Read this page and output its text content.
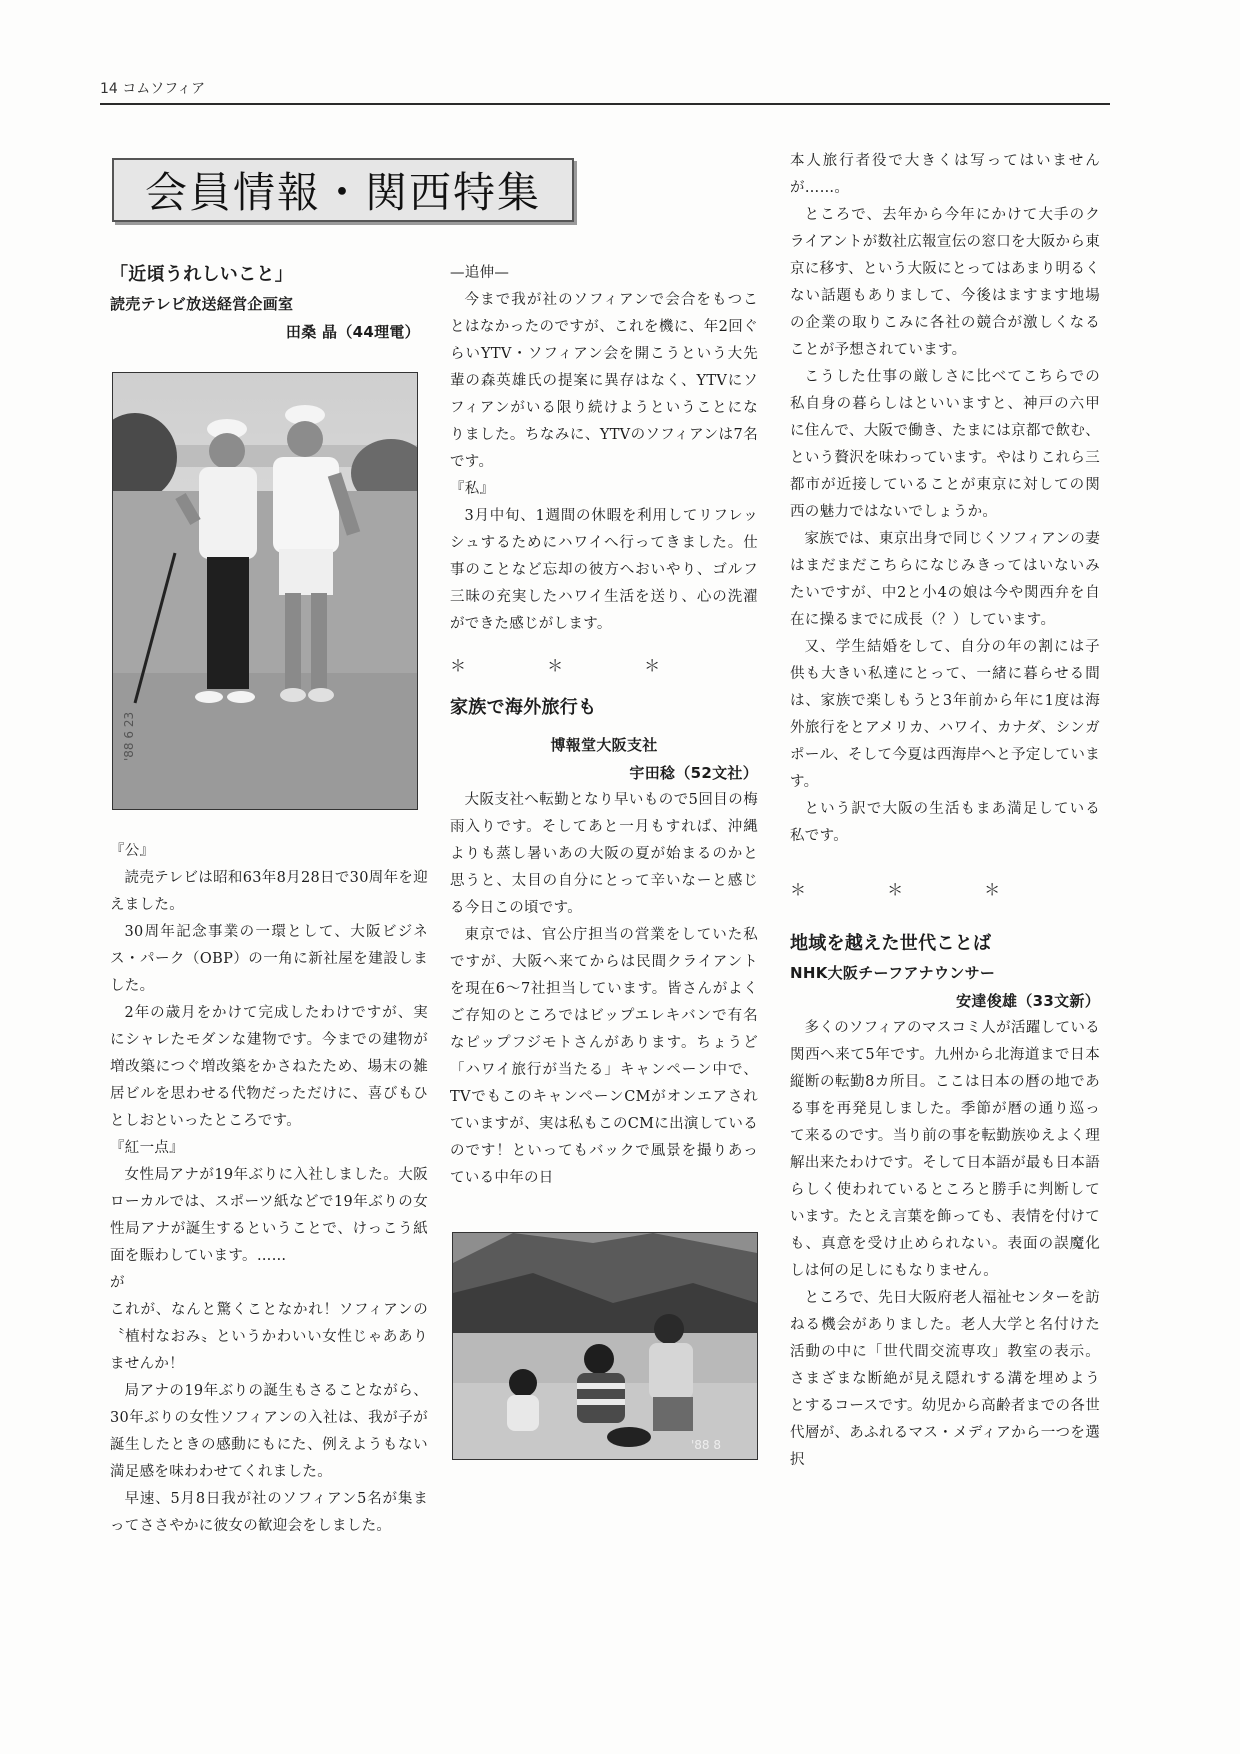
14 コムソフィア
会員情報・関西特集

「近頃うれしいこと」

読売テレビ放送経営企画室

田桑 晶（44理電）

'88 6 23

『公』

読売テレビは昭和63年8月28日で30周年を迎えました。

30周年記念事業の一環として、大阪ビジネス・パーク（OBP）の一角に新社屋を建設しました。

2年の歳月をかけて完成したわけですが、実にシャレたモダンな建物です。今までの建物が増改築につぐ増改築をかさねたため、場末の雑居ビルを思わせる代物だっただけに、喜びもひとしおといったところです。

『紅一点』

女性局アナが19年ぶりに入社しました。大阪ローカルでは、スポーツ紙などで19年ぶりの女性局アナが誕生するということで、けっこう紙面を賑わしています。……

が

これが、なんと驚くことなかれ！ソフィアンの〝植村なおみ〟というかわいい女性じゃあありませんか！

局アナの19年ぶりの誕生もさることながら、30年ぶりの女性ソフィアンの入社は、我が子が誕生したときの感動にもにた、例えようもない満足感を味わわせてくれました。

早速、5月8日我が社のソフィアン5名が集まってささやかに彼女の歓迎会をしました。

—追伸—

今まで我が社のソフィアンで会合をもつことはなかったのですが、これを機に、年2回ぐらいYTV・ソフィアン会を開こうという大先輩の森英雄氏の提案に異存はなく、YTVにソフィアンがいる限り続けようということになりました。ちなみに、YTVのソフィアンは7名です。

『私』

3月中旬、1週間の休暇を利用してリフレッシュするためにハワイへ行ってきました。仕事のことなど忘却の彼方へおいやり、ゴルフ三昧の充実したハワイ生活を送り、心の洗濯ができた感じがします。

＊ ＊ ＊

家族で海外旅行も

博報堂大阪支社

宇田稔（52文社）

大阪支社へ転勤となり早いもので5回目の梅雨入りです。そしてあと一月もすれば、沖縄よりも蒸し暑いあの大阪の夏が始まるのかと思うと、太目の自分にとって辛いなーと感じる今日この頃です。

東京では、官公庁担当の営業をしていた私ですが、大阪へ来てからは民間クライアントを現在6〜7社担当しています。皆さんがよくご存知のところではビップエレキバンで有名なピップフジモトさんがあります。ちょうど「ハワイ旅行が当たる」キャンペーン中で、TVでもこのキャンペーンCMがオンエアされていますが、実は私もこのCMに出演しているのです！といってもバックで風景を撮りあっている中年の日

'88 8

本人旅行者役で大きくは写ってはいませんが……。

ところで、去年から今年にかけて大手のクライアントが数社広報宣伝の窓口を大阪から東京に移す、という大阪にとってはあまり明るくない話題もありまして、今後はますます地場の企業の取りこみに各社の競合が激しくなることが予想されています。

こうした仕事の厳しさに比べてこちらでの私自身の暮らしはといいますと、神戸の六甲に住んで、大阪で働き、たまには京都で飲む、という贅沢を味わっています。やはりこれら三都市が近接していることが東京に対しての関西の魅力ではないでしょうか。

家族では、東京出身で同じくソフィアンの妻はまだまだこちらになじみきってはいないみたいですが、中2と小4の娘は今や関西弁を自在に操るまでに成長（？）しています。

又、学生結婚をして、自分の年の割には子供も大きい私達にとって、一緒に暮らせる間は、家族で楽しもうと3年前から年に1度は海外旅行をとアメリカ、ハワイ、カナダ、シンガポール、そして今夏は西海岸へと予定しています。

という訳で大阪の生活もまあ満足している私です。

＊ ＊ ＊

地域を越えた世代ことば

NHK大阪チーフアナウンサー

安達俊雄（33文新）

多くのソフィアのマスコミ人が活躍している関西へ来て5年です。九州から北海道まで日本縦断の転勤8カ所目。ここは日本の暦の地である事を再発見しました。季節が暦の通り巡って来るのです。当り前の事を転勤族ゆえよく理解出来たわけです。そして日本語が最も日本語らしく使われているところと勝手に判断しています。たとえ言葉を飾っても、表情を付けても、真意を受け止められない。表面の誤魔化しは何の足しにもなりません。

ところで、先日大阪府老人福祉センターを訪ねる機会がありました。老人大学と名付けた活動の中に「世代間交流専攻」教室の表示。さまざまな断絶が見え隠れする溝を埋めようとするコースです。幼児から高齢者までの各世代層が、あふれるマス・メディアから一つを選択
